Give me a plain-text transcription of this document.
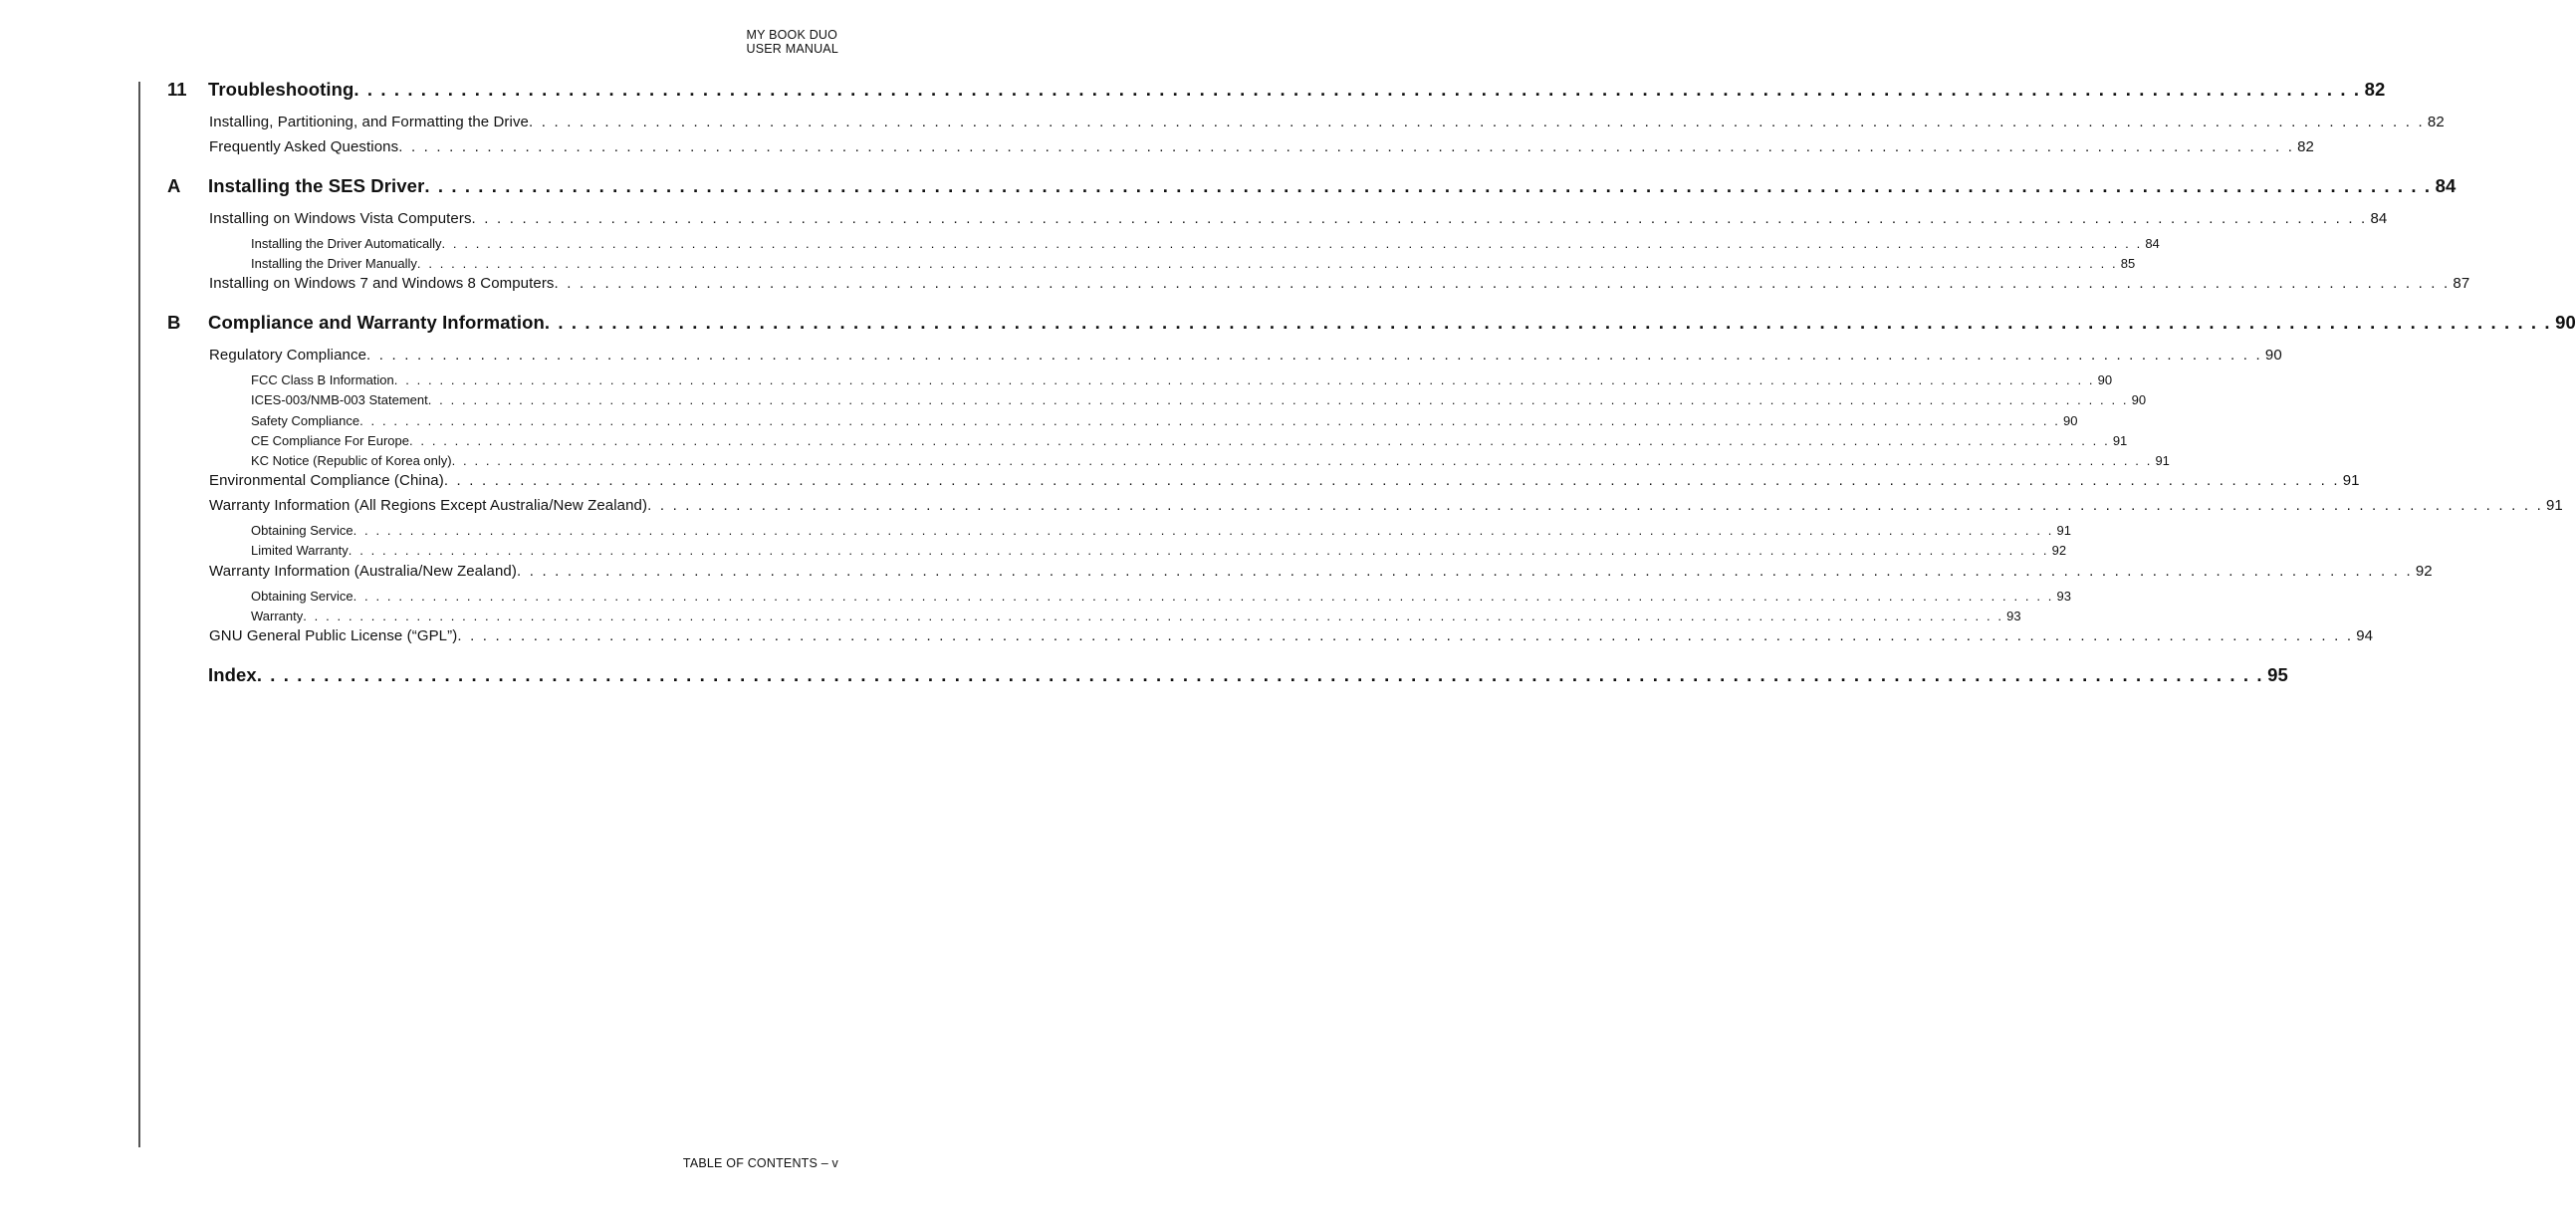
MY BOOK DUO
USER MANUAL
11 Troubleshooting . . . . . . . . . . . . . . . . . . . . . . . . . . . . . . . . . . . . . . . . . . . . . . . . . . . . . . . . . . . . . . . . . . . . . . . . . . . . . . . . . . . . . . . . . . . . . . . . . . . . . . . . . . . . . . . . . . . . . . . . . . . . . . . . . . . . . . . . . . . . . . . . . . . . . . 82
Installing, Partitioning, and Formatting the Drive . . . . . . . . . . . . . . . . . . . . . . . . . . . . . . . . . . . . . . . . . . . . . . . . . . . . . . . . . . . . . . . . . . . . . . . . . . . . . . . . . . . . . . . . . . . . . . . . . . . . . . . . . . . . . . . . . . . . . . . . . . . . . . . . . . . . . . . . . . . . . . . . . . . . . . 82
Frequently Asked Questions . . . . . . . . . . . . . . . . . . . . . . . . . . . . . . . . . . . . . . . . . . . . . . . . . . . . . . . . . . . . . . . . . . . . . . . . . . . . . . . . . . . . . . . . . . . . . . . . . . . . . . . . . . . . . . . . . . . . . . . . . . . . . . . . . . . . . . . . . . . . . . . . . . . . . . 82
A Installing the SES Driver . . . . . . . . . . . . . . . . . . . . . . . . . . . . . . . . . . . . . . . . . . . . . . . . . . . . . . . . . . . . . . . . . . . . . . . . . . . . . . . . . . . . . . . . . . . . . . . . . . . . . . . . . . . . . . . . . . . . . . . . . . . . . . . . . . . . . . . . . . . . . . . . . . . . . . 84
Installing on Windows Vista Computers . . . . . . . . . . . . . . . . . . . . . . . . . . . . . . . . . . . . . . . . . . . . . . . . . . . . . . . . . . . . . . . . . . . . . . . . . . . . . . . . . . . . . . . . . . . . . . . . . . . . . . . . . . . . . . . . . . . . . . . . . . . . . . . . . . . . . . . . . . . . . . . . . . . . . . 84
Installing the Driver Automatically . . . . . . . . . . . . . . . . . . . . . . . . . . . . . . . . . . . . . . . . . . . . . . . . . . . . . . . . . . . . . . . . . . . . . . . . . . . . . . . . . . . . . . . . . . . . . . . . . . . . . . . . . . . . . . . . . . . . . . . . . . . . . . . . . . . . . . . . . . . . . . . . . . . . . . 84
Installing the Driver Manually . . . . . . . . . . . . . . . . . . . . . . . . . . . . . . . . . . . . . . . . . . . . . . . . . . . . . . . . . . . . . . . . . . . . . . . . . . . . . . . . . . . . . . . . . . . . . . . . . . . . . . . . . . . . . . . . . . . . . . . . . . . . . . . . . . . . . . . . . . . . . . . . . . . . . . 85
Installing on Windows 7 and Windows 8 Computers . . . . . . . . . . . . . . . . . . . . . . . . . . . . . . . . . . . . . . . . . . . . . . . . . . . . . . . . . . . . . . . . . . . . . . . . . . . . . . . . . . . . . . . . . . . . . . . . . . . . . . . . . . . . . . . . . . . . . . . . . . . . . . . . . . . . . . . . . . . . . . . . . . . . . . 87
B Compliance and Warranty Information . . . . . . . . . . . . . . . . . . . . . . . . . . . . . . . . . . . . . . . . . . . . . . . . . . . . . . . . . . . . . . . . . . . . . . . . . . . . . . . . . . . . . . . . . . . . . . . . . . . . . . . . . . . . . . . . . . . . . . . . . . . . . . . . . . . . . . . . . . . . . . . . . . . . . . 90
Regulatory Compliance . . . . . . . . . . . . . . . . . . . . . . . . . . . . . . . . . . . . . . . . . . . . . . . . . . . . . . . . . . . . . . . . . . . . . . . . . . . . . . . . . . . . . . . . . . . . . . . . . . . . . . . . . . . . . . . . . . . . . . . . . . . . . . . . . . . . . . . . . . . . . . . . . . . . . . 90
FCC Class B Information . . . . . . . . . . . . . . . . . . . . . . . . . . . . . . . . . . . . . . . . . . . . . . . . . . . . . . . . . . . . . . . . . . . . . . . . . . . . . . . . . . . . . . . . . . . . . . . . . . . . . . . . . . . . . . . . . . . . . . . . . . . . . . . . . . . . . . . . . . . . . . . . . . . . . . 90
ICES-003/NMB-003 Statement . . . . . . . . . . . . . . . . . . . . . . . . . . . . . . . . . . . . . . . . . . . . . . . . . . . . . . . . . . . . . . . . . . . . . . . . . . . . . . . . . . . . . . . . . . . . . . . . . . . . . . . . . . . . . . . . . . . . . . . . . . . . . . . . . . . . . . . . . . . . . . . . . . . . . . 90
Safety Compliance . . . . . . . . . . . . . . . . . . . . . . . . . . . . . . . . . . . . . . . . . . . . . . . . . . . . . . . . . . . . . . . . . . . . . . . . . . . . . . . . . . . . . . . . . . . . . . . . . . . . . . . . . . . . . . . . . . . . . . . . . . . . . . . . . . . . . . . . . . . . . . . . . . . . . . 90
CE Compliance For Europe . . . . . . . . . . . . . . . . . . . . . . . . . . . . . . . . . . . . . . . . . . . . . . . . . . . . . . . . . . . . . . . . . . . . . . . . . . . . . . . . . . . . . . . . . . . . . . . . . . . . . . . . . . . . . . . . . . . . . . . . . . . . . . . . . . . . . . . . . . . . . . . . . . . . . . 91
KC Notice (Republic of Korea only) . . . . . . . . . . . . . . . . . . . . . . . . . . . . . . . . . . . . . . . . . . . . . . . . . . . . . . . . . . . . . . . . . . . . . . . . . . . . . . . . . . . . . . . . . . . . . . . . . . . . . . . . . . . . . . . . . . . . . . . . . . . . . . . . . . . . . . . . . . . . . . . . . . . . . . 91
Environmental Compliance (China) . . . . . . . . . . . . . . . . . . . . . . . . . . . . . . . . . . . . . . . . . . . . . . . . . . . . . . . . . . . . . . . . . . . . . . . . . . . . . . . . . . . . . . . . . . . . . . . . . . . . . . . . . . . . . . . . . . . . . . . . . . . . . . . . . . . . . . . . . . . . . . . . . . . . . . 91
Warranty Information (All Regions Except Australia/New Zealand) . . . . . . . . . . . . . . . . . . . . . . . . . . . . . . . . . . . . . . . . . . . . . . . . . . . . . . . . . . . . . . . . . . . . . . . . . . . . . . . . . . . . . . . . . . . . . . . . . . . . . . . . . . . . . . . . . . . . . . . . . . . . . . . . . . . . . . . . . . . . . . . . . . . . . . 91
Obtaining Service . . . . . . . . . . . . . . . . . . . . . . . . . . . . . . . . . . . . . . . . . . . . . . . . . . . . . . . . . . . . . . . . . . . . . . . . . . . . . . . . . . . . . . . . . . . . . . . . . . . . . . . . . . . . . . . . . . . . . . . . . . . . . . . . . . . . . . . . . . . . . . . . . . . . . . 91
Limited Warranty . . . . . . . . . . . . . . . . . . . . . . . . . . . . . . . . . . . . . . . . . . . . . . . . . . . . . . . . . . . . . . . . . . . . . . . . . . . . . . . . . . . . . . . . . . . . . . . . . . . . . . . . . . . . . . . . . . . . . . . . . . . . . . . . . . . . . . . . . . . . . . . . . . . . . . 92
Warranty Information (Australia/New Zealand) . . . . . . . . . . . . . . . . . . . . . . . . . . . . . . . . . . . . . . . . . . . . . . . . . . . . . . . . . . . . . . . . . . . . . . . . . . . . . . . . . . . . . . . . . . . . . . . . . . . . . . . . . . . . . . . . . . . . . . . . . . . . . . . . . . . . . . . . . . . . . . . . . . . . . . 92
Obtaining Service . . . . . . . . . . . . . . . . . . . . . . . . . . . . . . . . . . . . . . . . . . . . . . . . . . . . . . . . . . . . . . . . . . . . . . . . . . . . . . . . . . . . . . . . . . . . . . . . . . . . . . . . . . . . . . . . . . . . . . . . . . . . . . . . . . . . . . . . . . . . . . . . . . . . . . 93
Warranty . . . . . . . . . . . . . . . . . . . . . . . . . . . . . . . . . . . . . . . . . . . . . . . . . . . . . . . . . . . . . . . . . . . . . . . . . . . . . . . . . . . . . . . . . . . . . . . . . . . . . . . . . . . . . . . . . . . . . . . . . . . . . . . . . . . . . . . . . . . . . . . . . . . . . . 93
GNU General Public License (“GPL”) . . . . . . . . . . . . . . . . . . . . . . . . . . . . . . . . . . . . . . . . . . . . . . . . . . . . . . . . . . . . . . . . . . . . . . . . . . . . . . . . . . . . . . . . . . . . . . . . . . . . . . . . . . . . . . . . . . . . . . . . . . . . . . . . . . . . . . . . . . . . . . . . . . . . . . 94
Index . . . . . . . . . . . . . . . . . . . . . . . . . . . . . . . . . . . . . . . . . . . . . . . . . . . . . . . . . . . . . . . . . . . . . . . . . . . . . . . . . . . . . . . . . . . . . . . . . . . . . . . . . . . . . . . . . . . . . . . . . . . . . . . . . . . . . . . . . . . . . . . . . . . . . . 95
TABLE OF CONTENTS – v
